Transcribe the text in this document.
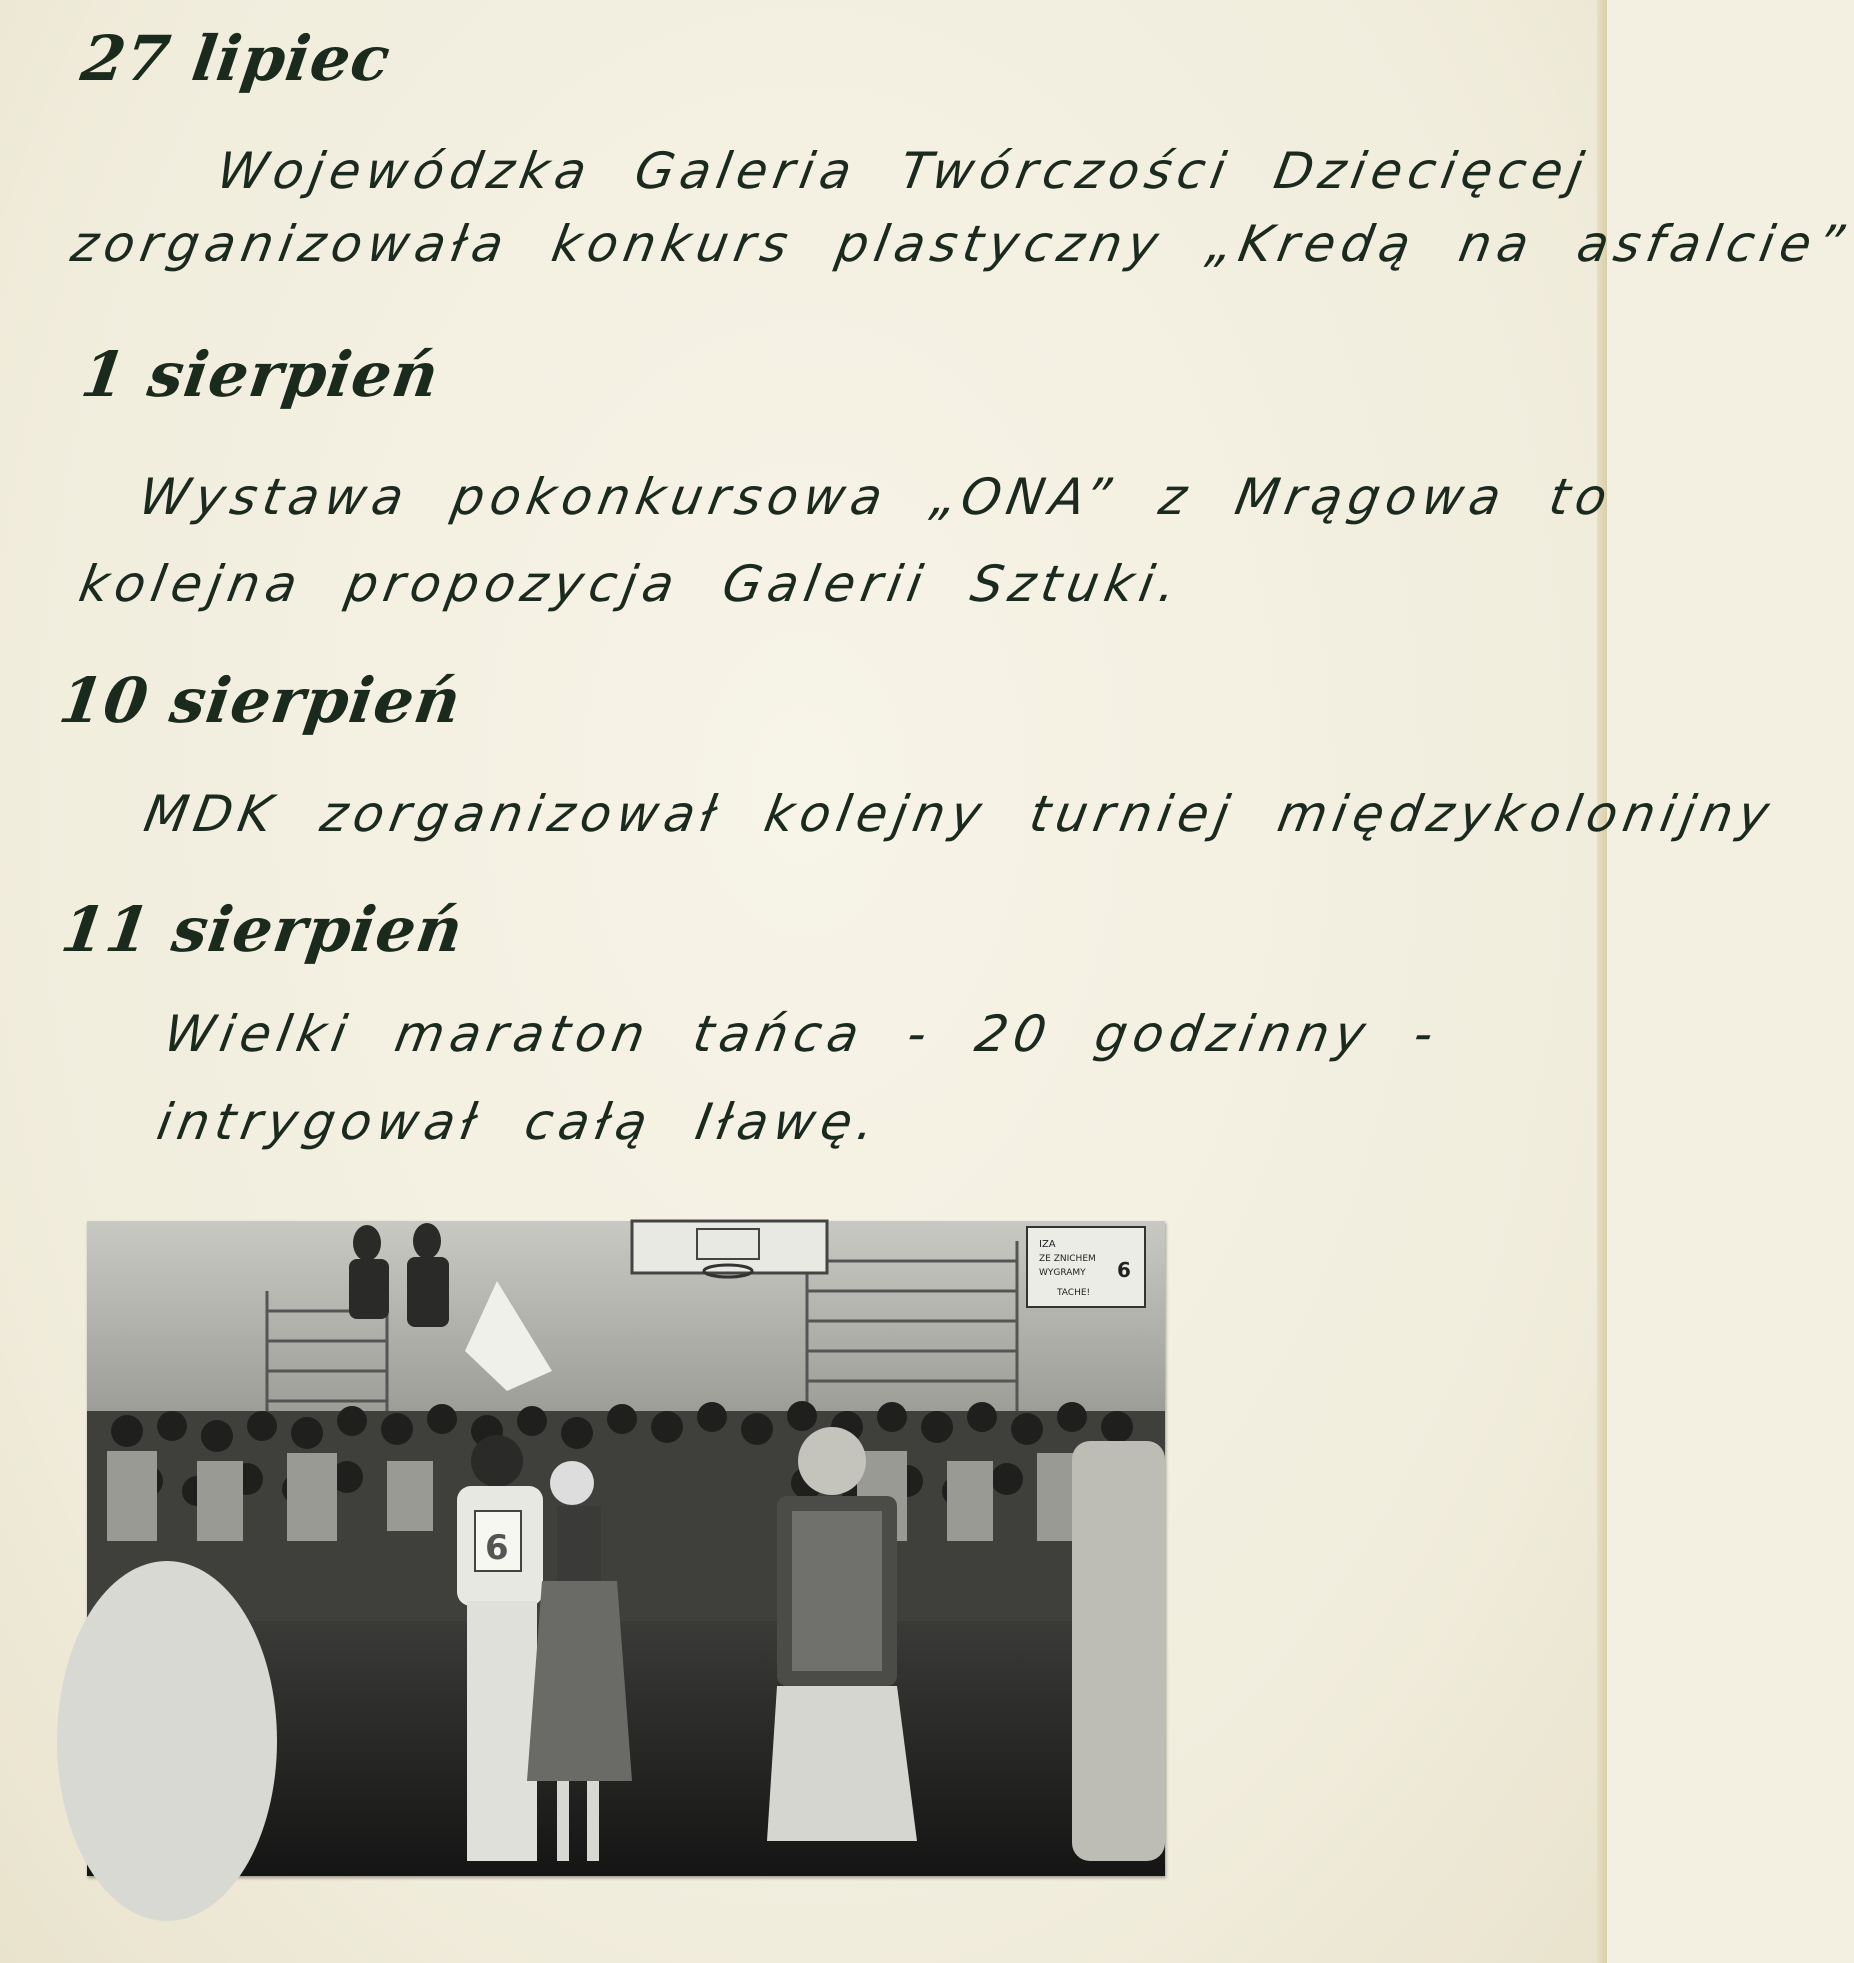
27 lipiec
Wojewódzka Galeria Twórczości Dziecięcej
zorganizowała konkurs plastyczny „Kredą na asfalcie”
1 sierpień
Wystawa pokonkursowa „ONA” z Mrągowa to
kolejna propozycja Galerii Sztuki.
10 sierpień
MDK zorganizował kolejny turniej międzykolonijny
11 sierpień
Wielki maraton tańca - 20 godzinny -
intrygował całą Iławę.
IZA
ZE ZNICHEM
WYGRAMY 6
TACHE!
6
